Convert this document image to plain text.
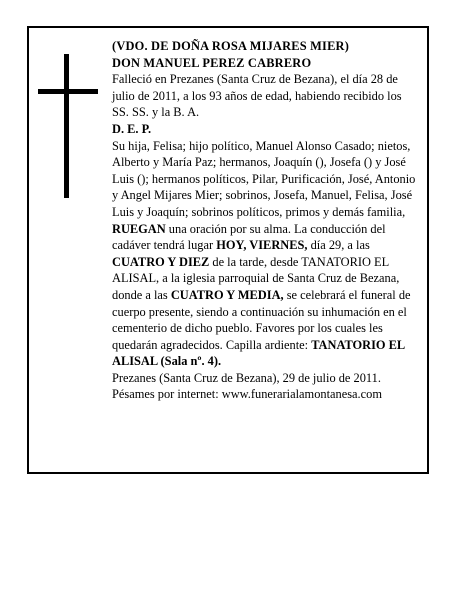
(VDO. DE DOÑA ROSA MIJARES MIER)

DON MANUEL PEREZ CABRERO

Falleció en Prezanes (Santa Cruz de Bezana), el día 28 de julio de 2011, a los 93 años de edad, habiendo recibido los SS. SS. y la B. A.

D. E. P.

Su hija, Felisa; hijo político, Manuel Alonso Casado; nietos, Alberto y María Paz; hermanos, Joaquín (), Josefa () y José Luis (); hermanos políticos, Pilar, Purificación, José, Antonio y Angel Mijares Mier; sobrinos, Josefa, Manuel, Felisa, José Luis y Joaquín; sobrinos políticos, primos y demás familia,

RUEGAN una oración por su alma. La conducción del cadáver tendrá lugar HOY, VIERNES, día 29, a las CUATRO Y DIEZ de la tarde, desde TANATORIO EL ALISAL, a la iglesia parroquial de Santa Cruz de Bezana, donde a las CUATRO Y MEDIA, se celebrará el funeral de cuerpo presente, siendo a continuación su inhumación en el cementerio de dicho pueblo. Favores por los cuales les quedarán agradecidos. Capilla ardiente: TANATORIO EL ALISAL (Sala nº. 4).

Prezanes (Santa Cruz de Bezana), 29 de julio de 2011.

Pésames por internet: www.funerarialamontanesa.com
